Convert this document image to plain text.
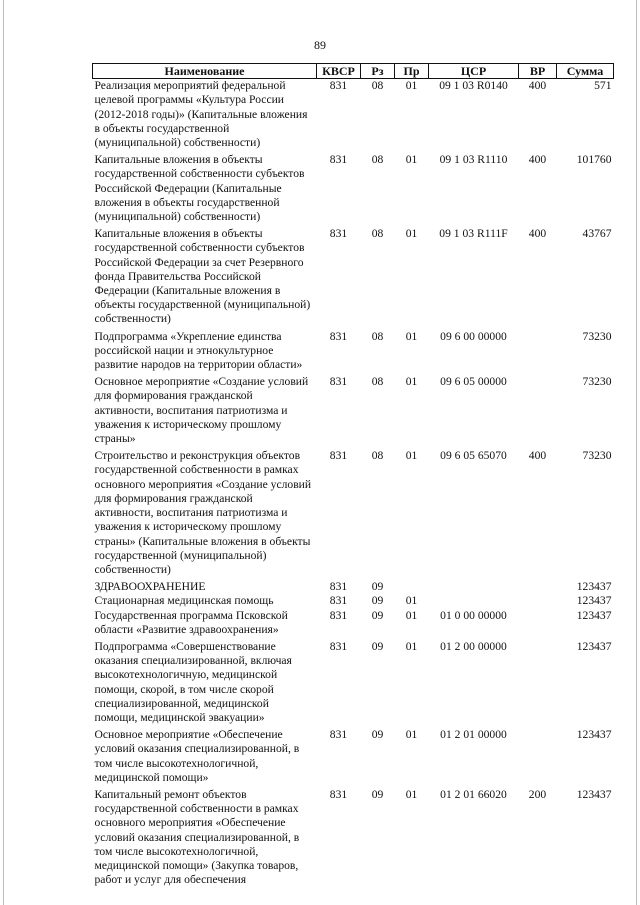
89
Наименование	КВСР	Рз	Пр	ЦСР	ВР	Сумма
Реализация мероприятий федеральной целевой программы «Культура России (2012-2018 годы)» (Капитальные вложения в объекты государственной (муниципальной) собственности)	831	08	01	09 1 03 R0140	400	571
Капитальные вложения в объекты государственной собственности субъектов Российской Федерации (Капитальные вложения в объекты государственной (муниципальной) собственности)	831	08	01	09 1 03 R1110	400	101760
Капитальные вложения в объекты государственной собственности субъектов Российской Федерации за счет Резервного фонда Правительства Российской Федерации (Капитальные вложения в объекты государственной (муниципальной) собственности)	831	08	01	09 1 03 R111F	400	43767
Подпрограмма «Укрепление единства российской нации и этнокультурное развитие народов на территории области»	831	08	01	09 6 00 00000		73230
Основное мероприятие «Создание условий для формирования гражданской активности, воспитания патриотизма и уважения к историческому прошлому страны»	831	08	01	09 6 05 00000		73230
Строительство и реконструкция объектов государственной собственности в рамках основного мероприятия «Создание условий для формирования гражданской активности, воспитания патриотизма и уважения к историческому прошлому страны» (Капитальные вложения в объекты государственной (муниципальной) собственности)	831	08	01	09 6 05 65070	400	73230
ЗДРАВООХРАНЕНИЕ	831	09				123437
Стационарная медицинская помощь	831	09	01			123437
Государственная программа Псковской области «Развитие здравоохранения»	831	09	01	01 0 00 00000		123437
Подпрограмма «Совершенствование оказания специализированной, включая высокотехнологичную, медицинской помощи, скорой, в том числе скорой специализированной, медицинской помощи, медицинской эвакуации»	831	09	01	01 2 00 00000		123437
Основное мероприятие «Обеспечение условий оказания специализированной, в том числе высокотехнологичной, медицинской помощи»	831	09	01	01 2 01 00000		123437
Капитальный ремонт объектов государственной собственности в рамках основного мероприятия «Обеспечение условий оказания специализированной, в том числе высокотехнологичной, медицинской помощи» (Закупка товаров, работ и услуг для обеспечения	831	09	01	01 2 01 66020	200	123437
